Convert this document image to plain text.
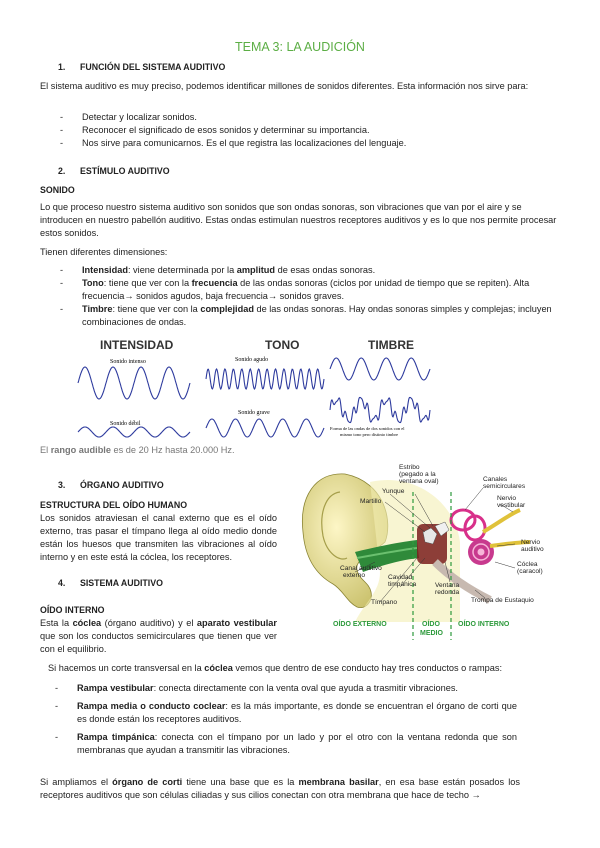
TEMA 3: LA AUDICIÓN
1. FUNCIÓN DEL SISTEMA AUDITIVO
El sistema auditivo es muy preciso, podemos identificar millones de sonidos diferentes. Esta información nos sirve para:
-	Detectar y localizar sonidos.
-	Reconocer el significado de esos sonidos y determinar su importancia.
-	Nos sirve para comunicarnos. Es el que registra las localizaciones del lenguaje.
2. ESTÍMULO AUDITIVO
SONIDO
Lo que proceso nuestro sistema auditivo son sonidos que son ondas sonoras, son vibraciones que van por el aire y se introducen en nuestro pabellón auditivo. Estas ondas estimulan nuestros receptores auditivos y es lo que nos permite procesar estos sonidos.
Tienen diferentes dimensiones:
-	Intensidad: viene determinada por la amplitud de esas ondas sonoras.
-	Tono: tiene que ver con la frecuencia de las ondas sonoras (ciclos por unidad de tiempo que se repiten). Alta frecuencia→ sonidos agudos, baja frecuencia→ sonidos graves.
-	Timbre: tiene que ver con la complejidad de las ondas sonoras. Hay ondas sonoras simples y complejas; incluyen combinaciones de ondas.
INTENSIDAD	TONO	TIMBRE
Sonido intenso
Sonido débil
Sonido agudo
Sonido grave
Forma de las ondas de dos sonidos con el
mismo tono pero distinto timbre
El rango audible es de 20 Hz hasta 20.000 Hz.
3. ÓRGANO AUDITIVO
ESTRUCTURA DEL OÍDO HUMANO
Los sonidos atraviesan el canal externo que es el oído externo, tras pasar el tímpano llega al oído medio donde están los huesos que transmiten las vibraciones al oído interno y en este está la cóclea, los receptores.
4. SISTEMA AUDITIVO
OÍDO INTERNO
Esta la cóclea (órgano auditivo) y el aparato vestibular que son los conductos semicirculares que tienen que ver con el equilibrio.
Estribo
(pegado a la
ventana oval)
Martillo
Yunque
Canales
semicirculares
Nervio
vestibular
Nervio
auditivo
Cóclea
(caracol)
Canal auditivo
externo	Cavidad
timpánica	Ventana
redonda
Tímpano	Trompa de Eustaquio
OÍDO EXTERNO	OÍDO
MEDIO
OÍDO INTERNO
Si hacemos un corte transversal en la cóclea vemos que dentro de ese conducto hay tres conductos o rampas:
-	Rampa vestibular: conecta directamente con la venta oval que ayuda a trasmitir vibraciones.
-	Rampa media o conducto coclear: es la más importante, es donde se encuentran el órgano de corti que es donde están los receptores auditivos.
-	Rampa timpánica: conecta con el tímpano por un lado y por el otro con la ventana redonda que son membranas que ayudan a transmitir las vibraciones.
Si ampliamos el órgano de corti tiene una base que es la membrana basilar, en esa base están posados los receptores auditivos que son células ciliadas y sus cilios conectan con otra membrana que hace de techo →
